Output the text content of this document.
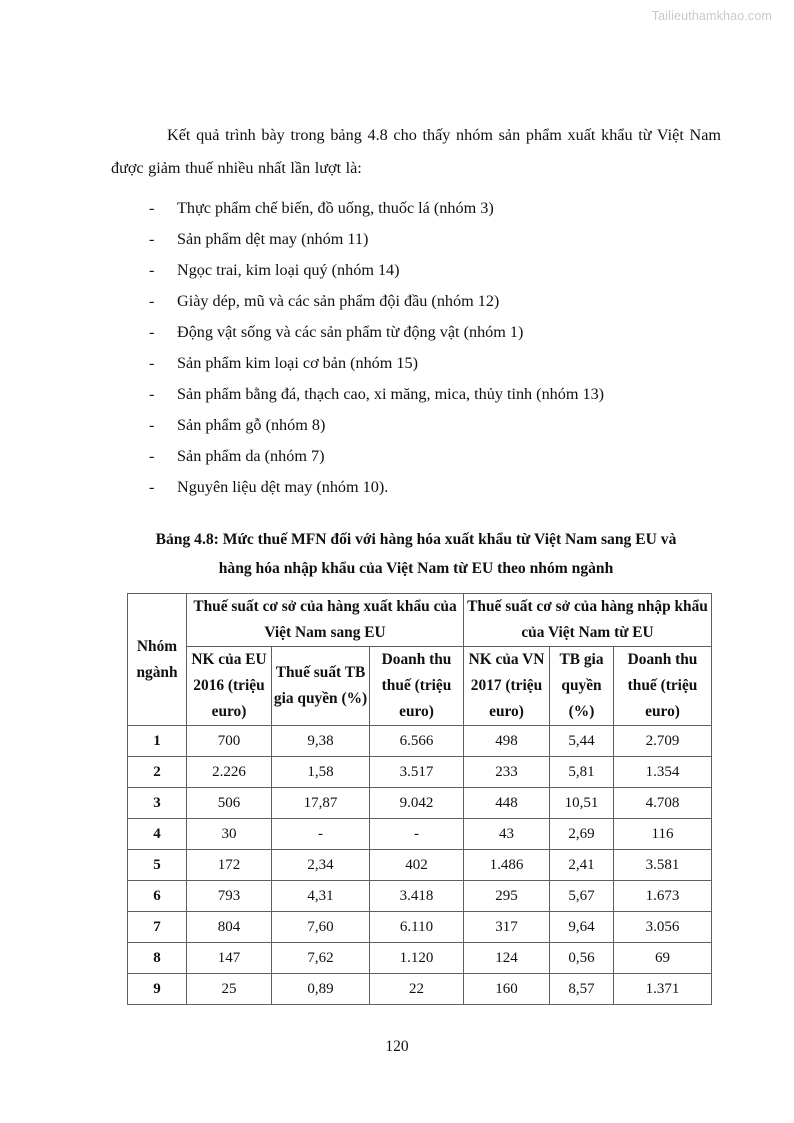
Tailieuthamkhao.com

Kết quả trình bày trong bảng 4.8 cho thấy nhóm sản phẩm xuất khẩu từ Việt Nam được giảm thuế nhiều nhất lần lượt là:

-	Thực phẩm chế biến, đồ uống, thuốc lá (nhóm 3)
-	Sản phẩm dệt may (nhóm 11)
-	Ngọc trai, kim loại quý (nhóm 14)
-	Giày dép, mũ và các sản phẩm đội đầu (nhóm 12)
-	Động vật sống và các sản phẩm từ động vật (nhóm 1)
-	Sản phẩm kim loại cơ bản (nhóm 15)
-	Sản phẩm bằng đá, thạch cao, xi măng, mica, thủy tinh (nhóm 13)
-	Sản phẩm gỗ (nhóm 8)
-	Sản phẩm da (nhóm 7)
-	Nguyên liệu dệt may (nhóm 10).
Bảng 4.8: Mức thuế MFN đối với hàng hóa xuất khẩu từ Việt Nam sang EU và
hàng hóa nhập khẩu của Việt Nam từ EU theo nhóm ngành
Nhóm ngành	Thuế suất cơ sở của hàng xuất khẩu của Việt Nam sang EU			Thuế suất cơ sở của hàng nhập khẩu của Việt Nam từ EU		
	NK của EU 2016 (triệu euro)	Thuế suất TB gia quyền (%)	Doanh thu thuế (triệu euro)	NK của VN 2017 (triệu euro)	TB gia quyền (%)	Doanh thu thuế (triệu euro)
1	700	9,38	6.566	498	5,44	2.709
2	2.226	1,58	3.517	233	5,81	1.354
3	506	17,87	9.042	448	10,51	4.708
4	30	-	-	43	2,69	116
5	172	2,34	402	1.486	2,41	3.581
6	793	4,31	3.418	295	5,67	1.673
7	804	7,60	6.110	317	9,64	3.056
8	147	7,62	1.120	124	0,56	69
9	25	0,89	22	160	8,57	1.371
120
